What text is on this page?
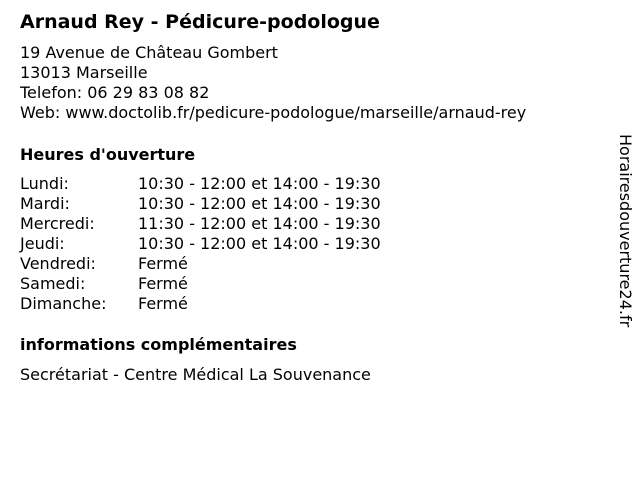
Arnaud Rey - Pédicure-podologue
19 Avenue de Château Gombert
13013 Marseille
Telefon: 06 29 83 08 82
Web: www.doctolib.fr/pedicure-podologue/marseille/arnaud-rey
Heures d'ouverture
Lundi:	10:30 - 12:00 et 14:00 - 19:30
Mardi:	10:30 - 12:00 et 14:00 - 19:30
Mercredi:	11:30 - 12:00 et 14:00 - 19:30
Jeudi:	10:30 - 12:00 et 14:00 - 19:30
Vendredi:	Fermé
Samedi:	Fermé
Dimanche:	Fermé
informations complémentaires
Secrétariat - Centre Médical La Souvenance
Horairesdouverture24.fr
